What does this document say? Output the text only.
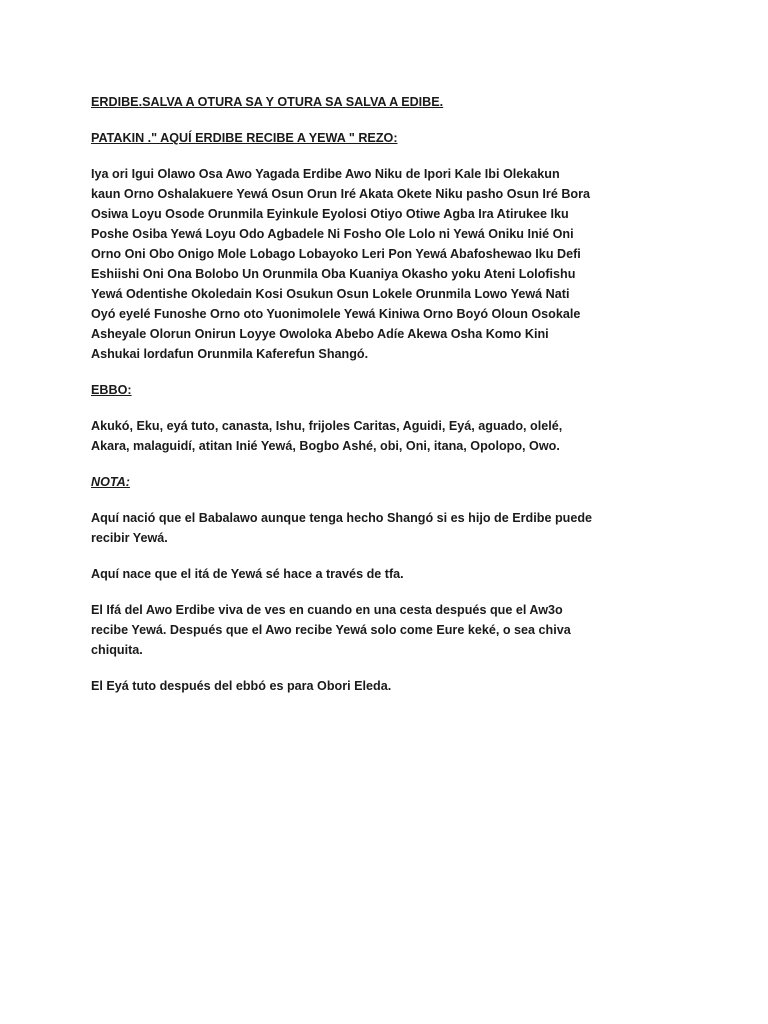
ERDIBE.SALVA A OTURA SA Y OTURA SA SALVA A EDIBE.
PATAKIN ." AQUÍ ERDIBE RECIBE A YEWA " REZO:
Iya ori Igui Olawo Osa Awo Yagada Erdibe Awo Niku de Ipori Kale Ibi Olekakun
kaun Orno Oshalakuere Yewá Osun Orun Iré Akata Okete Niku pasho Osun Iré Bora
Osiwa Loyu Osode Orunmila Eyinkule Eyolosi Otiyo Otiwe Agba Ira Atirukee Iku
Poshe Osiba Yewá Loyu Odo Agbadele Ni Fosho Ole Lolo ni Yewá Oniku Inié Oni
Orno Oni Obo Onigo Mole Lobago Lobayoko Leri Pon Yewá Abafoshewao Iku Defi
Eshiishi Oni Ona Bolobo Un Orunmila Oba Kuaniya Okasho yoku Ateni Lolofishu
Yewá Odentishe Okoledain Kosi Osukun Osun Lokele Orunmila Lowo Yewá Nati
Oyó eyelé Funoshe Orno oto Yuonimolele Yewá Kiniwa Orno Boyó Oloun Osokale
Asheyale Olorun Onirun Loyye Owoloka Abebo Adíe Akewa Osha Komo Kini
Ashukai lordafun Orunmila Kaferefun Shangó.
EBBO:
Akukó, Eku, eyá tuto, canasta, Ishu, frijoles Caritas, Aguidi, Eyá, aguado, olelé,
Akara, malaguidí, atitan Inié Yewá, Bogbo Ashé, obi, Oni, itana, Opolopo, Owo.
NOTA:
Aquí nació que el Babalawo aunque tenga hecho Shangó si es hijo de Erdibe puede
recibir Yewá.
Aquí nace que el itá de Yewá sé hace a través de tfa.
El Ifá del Awo Erdibe viva de ves en cuando en una cesta después que el Aw3o
recibe Yewá. Después que el Awo recibe Yewá solo come Eure keké, o sea chiva
chiquita.
El Eyá tuto después del ebbó es para Obori Eleda.
